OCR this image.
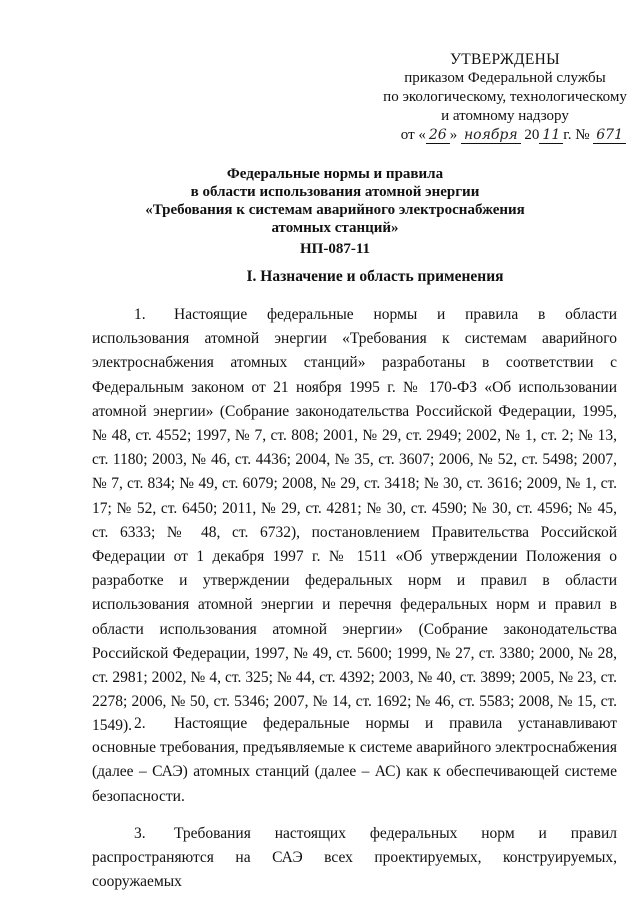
УТВЕРЖДЕНЫ
приказом Федеральной службы
по экологическому, технологическому
и атомному надзору
от « 26 » ноября 20 11 г. № 671
Федеральные нормы и правила
в области использования атомной энергии
«Требования к системам аварийного электроснабжения
атомных станций»
НП-087-11
I. Назначение и область применения
1. Настоящие федеральные нормы и правила в области использования атомной энергии «Требования к системам аварийного электроснабжения атомных станций» разработаны в соответствии с Федеральным законом от 21 ноября 1995 г. № 170-ФЗ «Об использовании атомной энергии» (Собрание законодательства Российской Федерации, 1995, № 48, ст. 4552; 1997, № 7, ст. 808; 2001, № 29, ст. 2949; 2002, № 1, ст. 2; № 13, ст. 1180; 2003, № 46, ст. 4436; 2004, № 35, ст. 3607; 2006, № 52, ст. 5498; 2007, № 7, ст. 834; № 49, ст. 6079; 2008, № 29, ст. 3418; № 30, ст. 3616; 2009, № 1, ст. 17; № 52, ст. 6450; 2011, № 29, ст. 4281; № 30, ст. 4590; № 30, ст. 4596; № 45, ст. 6333; № 48, ст. 6732), постановлением Правительства Российской Федерации от 1 декабря 1997 г. № 1511 «Об утверждении Положения о разработке и утверждении федеральных норм и правил в области использования атомной энергии и перечня федеральных норм и правил в области использования атомной энергии» (Собрание законодательства Российской Федерации, 1997, № 49, ст. 5600; 1999, № 27, ст. 3380; 2000, № 28, ст. 2981; 2002, № 4, ст. 325; № 44, ст. 4392; 2003, № 40, ст. 3899; 2005, № 23, ст. 2278; 2006, № 50, ст. 5346; 2007, № 14, ст. 1692; № 46, ст. 5583; 2008, № 15, ст. 1549). 2. Настоящие федеральные нормы и правила устанавливают основные требования, предъявляемые к системе аварийного электроснабжения (далее – САЭ) атомных станций (далее – АС) как к обеспечивающей системе безопасности.
3. Требования настоящих федеральных норм и правил распространяются на САЭ всех проектируемых, конструируемых, сооружаемых
